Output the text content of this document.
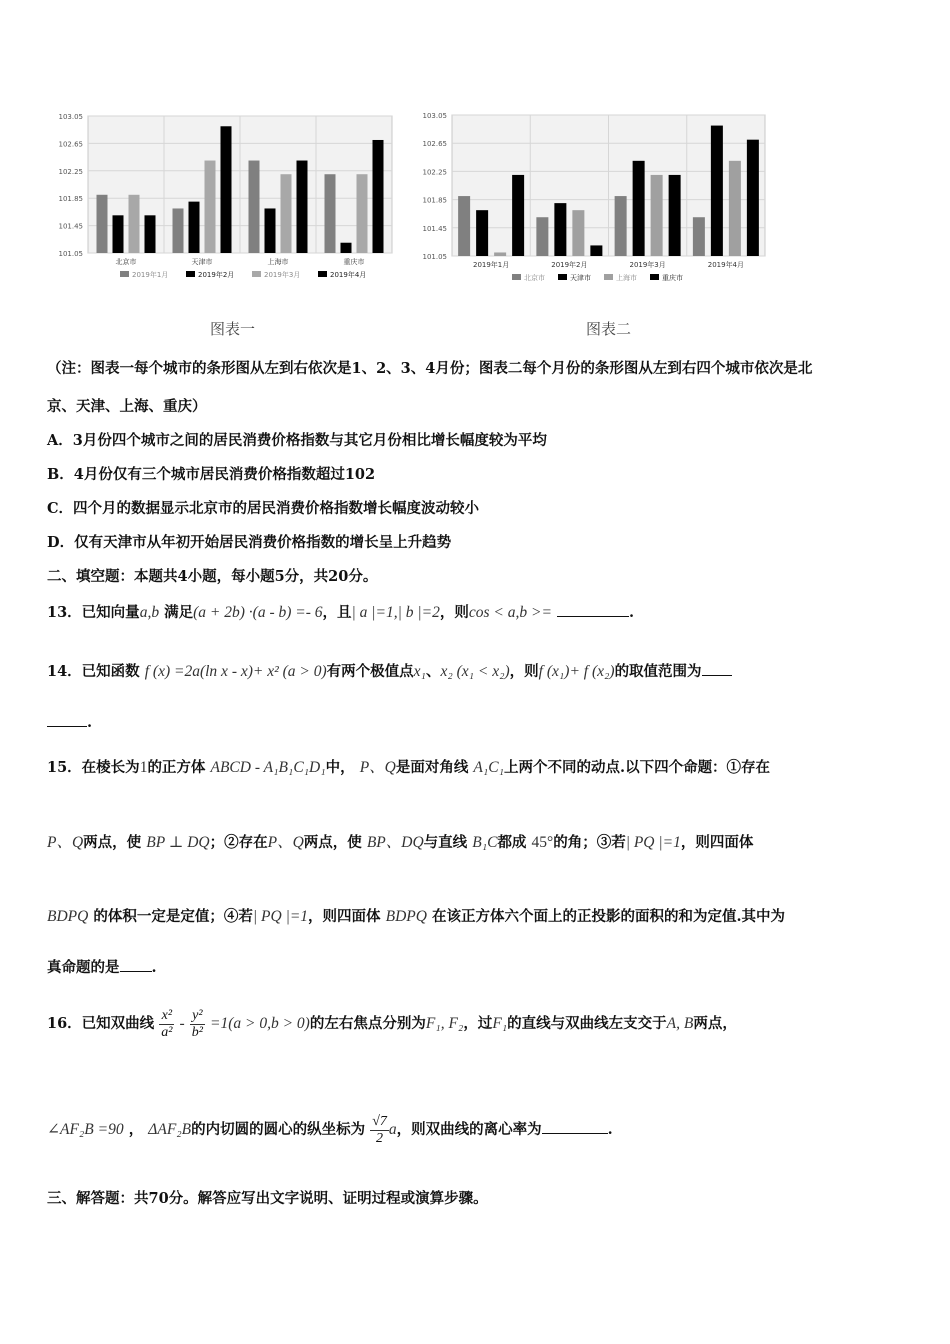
103.05
102.65
102.25
101.85
101.45
101.05
北京市	天津市	上海市	重庆市
2019年1月	2019年2月	2019年3月	2019年4月
103.05
102.65
102.25
101.85
101.45
101.05
2019年1月	2019年2月	2019年3月	2019年4月
北京市	天津市	上海市	重庆市
图表一	图表二
（注：图表一每个城市的条形图从左到右依次是1、2、3、4月份；图表二每个月份的条形图从左到右四个城市依次是北
京、天津、上海、重庆）
A．3月份四个城市之间的居民消费价格指数与其它月份相比增长幅度较为平均
B．4月份仅有三个城市居民消费价格指数超过102
C．四个月的数据显示北京市的居民消费价格指数增长幅度波动较小
D．仅有天津市从年初开始居民消费价格指数的增长呈上升趋势
二、填空题：本题共4小题，每小题5分，共20分。
13．已知向量a,b 满足(a + 2b) ·(a - b) =- 6，且| a |=1,| b |=2，则cos < a,b >=	.
14．已知函数 f (x) =2a(ln x - x)+ x² (a > 0)有两个极值点x₁、x₂ (x₁ < x₂)，则f (x₁)+ f (x₂)的取值范围为
.
15．在棱长为1的正方体 ABCD - A₁B₁C₁D₁中， P、Q是面对角线 A₁C₁上两个不同的动点.以下四个命题：①存在
P、Q两点，使 BP ⊥ DQ；②存在P、Q两点，使 BP、DQ与直线 B₁C都成 45°的角；③若| PQ |=1，则四面体
BDPQ 的体积一定是定值；④若| PQ |=1，则四面体 BDPQ 在该正方体六个面上的正投影的面积的和为定值.其中为
真命题的是 .
16．已知双曲线 $\frac{\text{x²}}{\text{a²}} - \frac{\text{y²}}{\text{b²}} =1(a > 0,b > 0)$的左右焦点分别为F₁, F₂，过F₁的直线与双曲线左支交于A, B两点，
∠AF₂B =90 ， ΔAF₂B的内切圆的圆心的纵坐标为 $\frac{√7}{2}$ a，则双曲线的离心率为	.
三、解答题：共70分。解答应写出文字说明、证明过程或演算步骤。
